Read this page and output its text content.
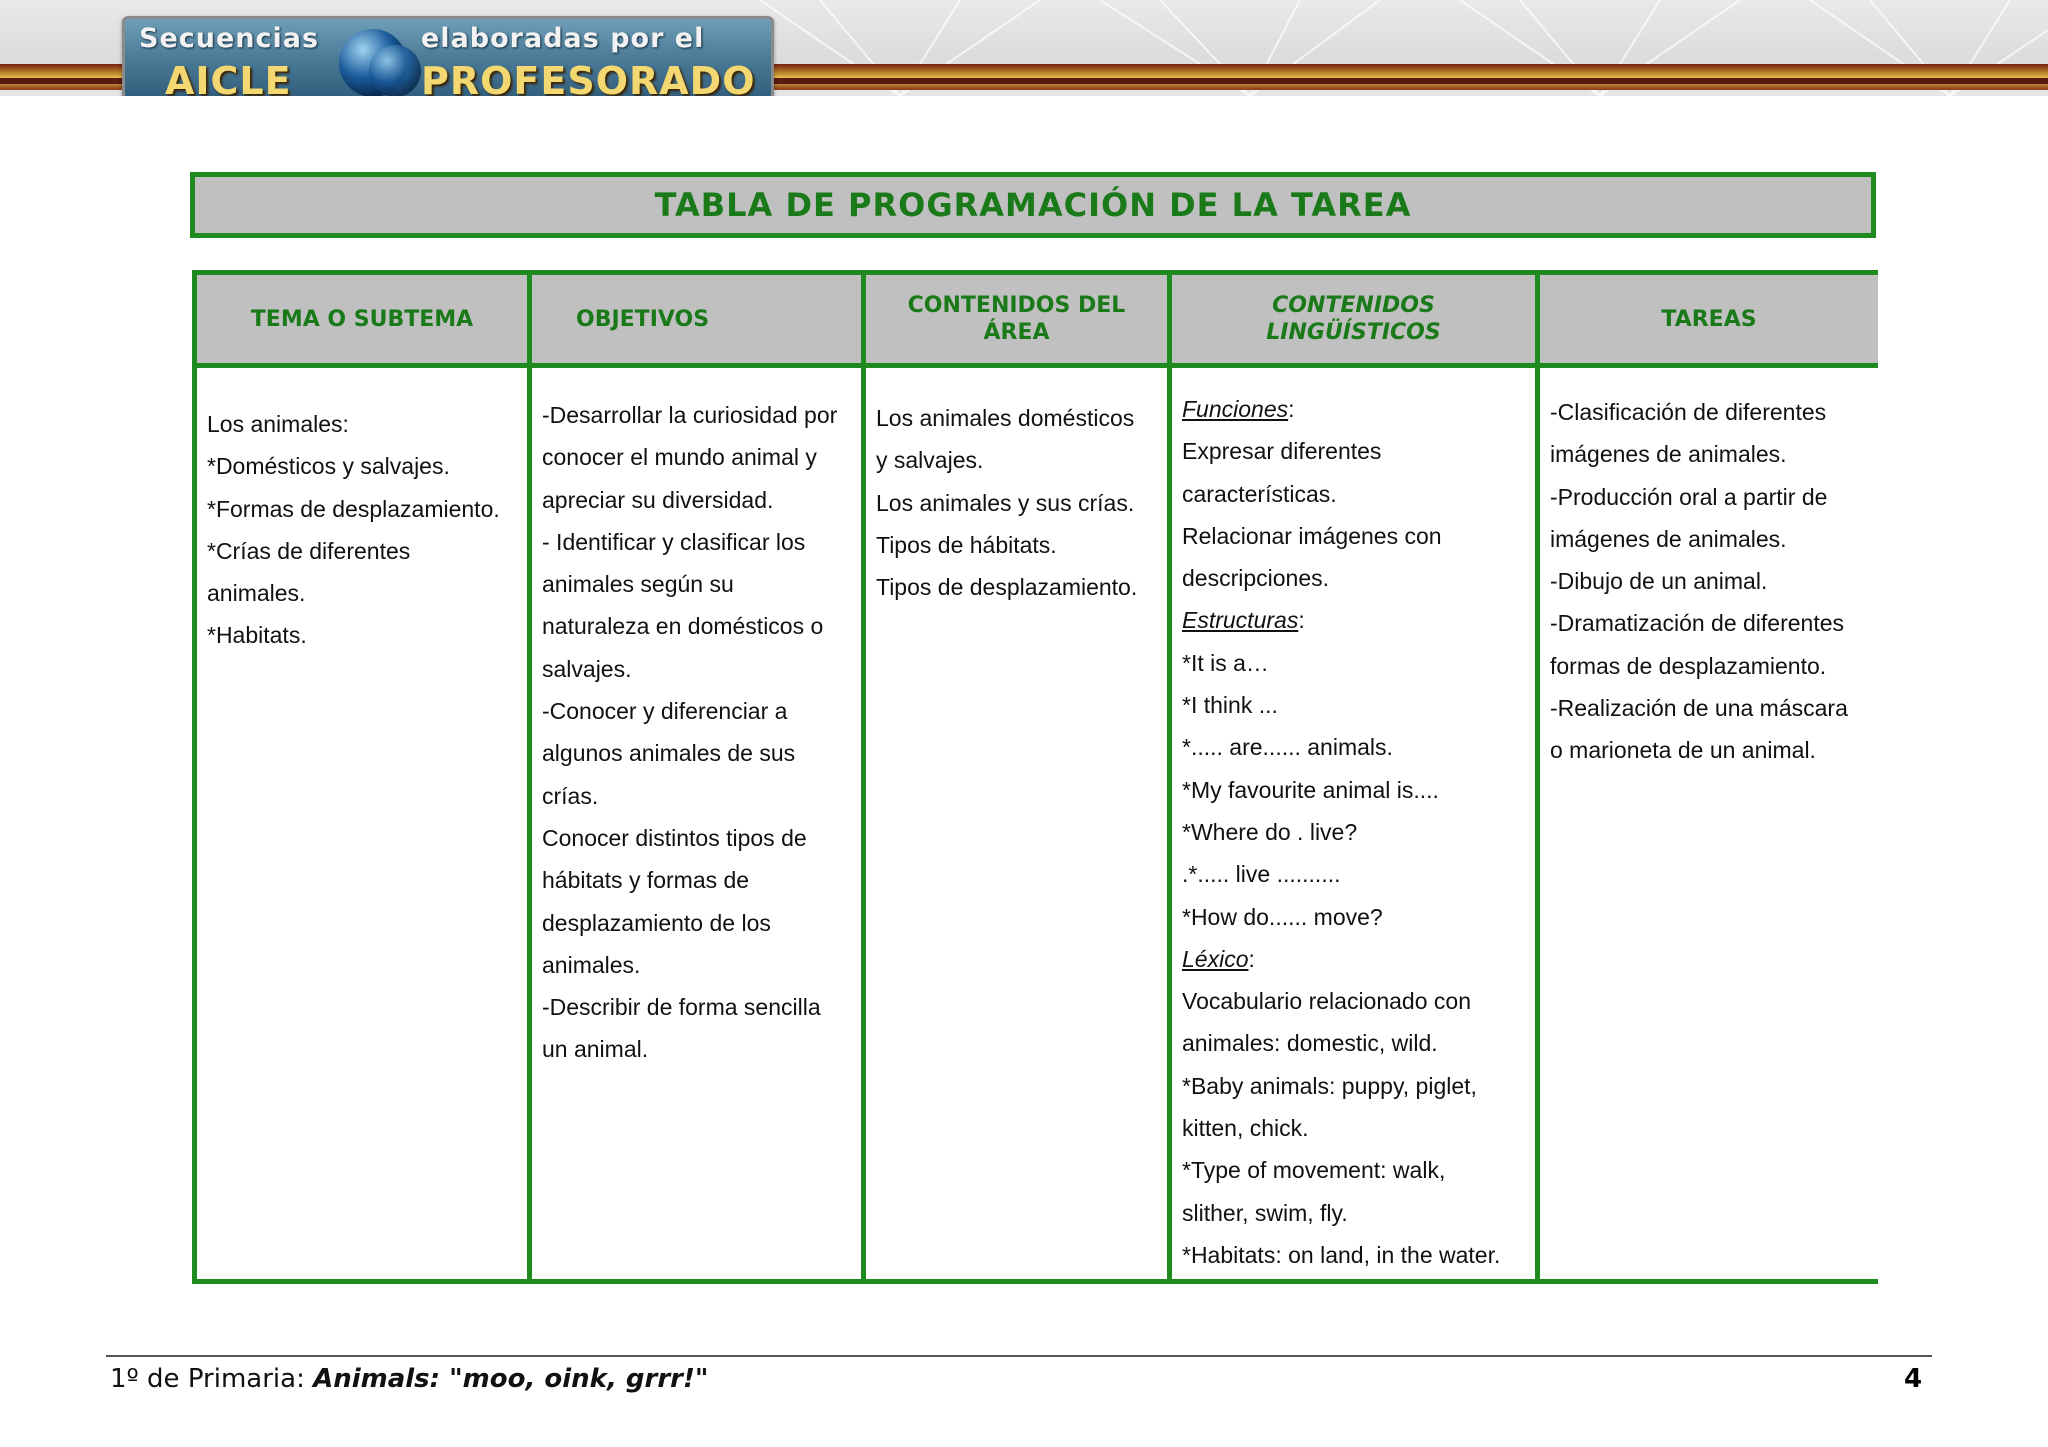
Secuencias
AICLE
elaboradas por el
PROFESORADO
TABLA DE PROGRAMACIÓN DE LA TAREA
TEMA O SUBTEMA	OBJETIVOS
CONTENIDOS DEL ÁREA
CONTENIDOS LINGÜÍSTICOS
TAREAS
Los animales:
*Domésticos y salvajes.
*Formas de desplazamiento.
*Crías de diferentes
animales.
*Habitats.
-Desarrollar la curiosidad por
conocer el mundo animal y
apreciar su diversidad.
- Identificar y clasificar los
animales según su
naturaleza en domésticos o
salvajes.
-Conocer y diferenciar a
algunos animales de sus
crías.
Conocer distintos tipos de
hábitats y formas de
desplazamiento de los
animales.
-Describir de forma sencilla
un animal.
Los animales domésticos
y salvajes.
Los animales y sus crías.
Tipos de hábitats.
Tipos de desplazamiento.
Funciones:
Expresar diferentes
características.
Relacionar imágenes con
descripciones.
Estructuras:
*It is a…
*I think ...
*..... are...... animals.
*My favourite animal is....
*Where do . live?
.*..... live ..........
*How do...... move?
Léxico:
Vocabulario relacionado con
animales: domestic, wild.
*Baby animals: puppy, piglet,
kitten, chick.
*Type of movement: walk,
slither, swim, fly.
*Habitats: on land, in the water.
-Clasificación de diferentes
imágenes de animales.
-Producción oral a partir de
imágenes de animales.
-Dibujo de un animal.
-Dramatización de diferentes
formas de desplazamiento.
-Realización de una máscara
o marioneta de un animal.
1º de Primaria: Animals: "moo, oink, grrr!"	4
